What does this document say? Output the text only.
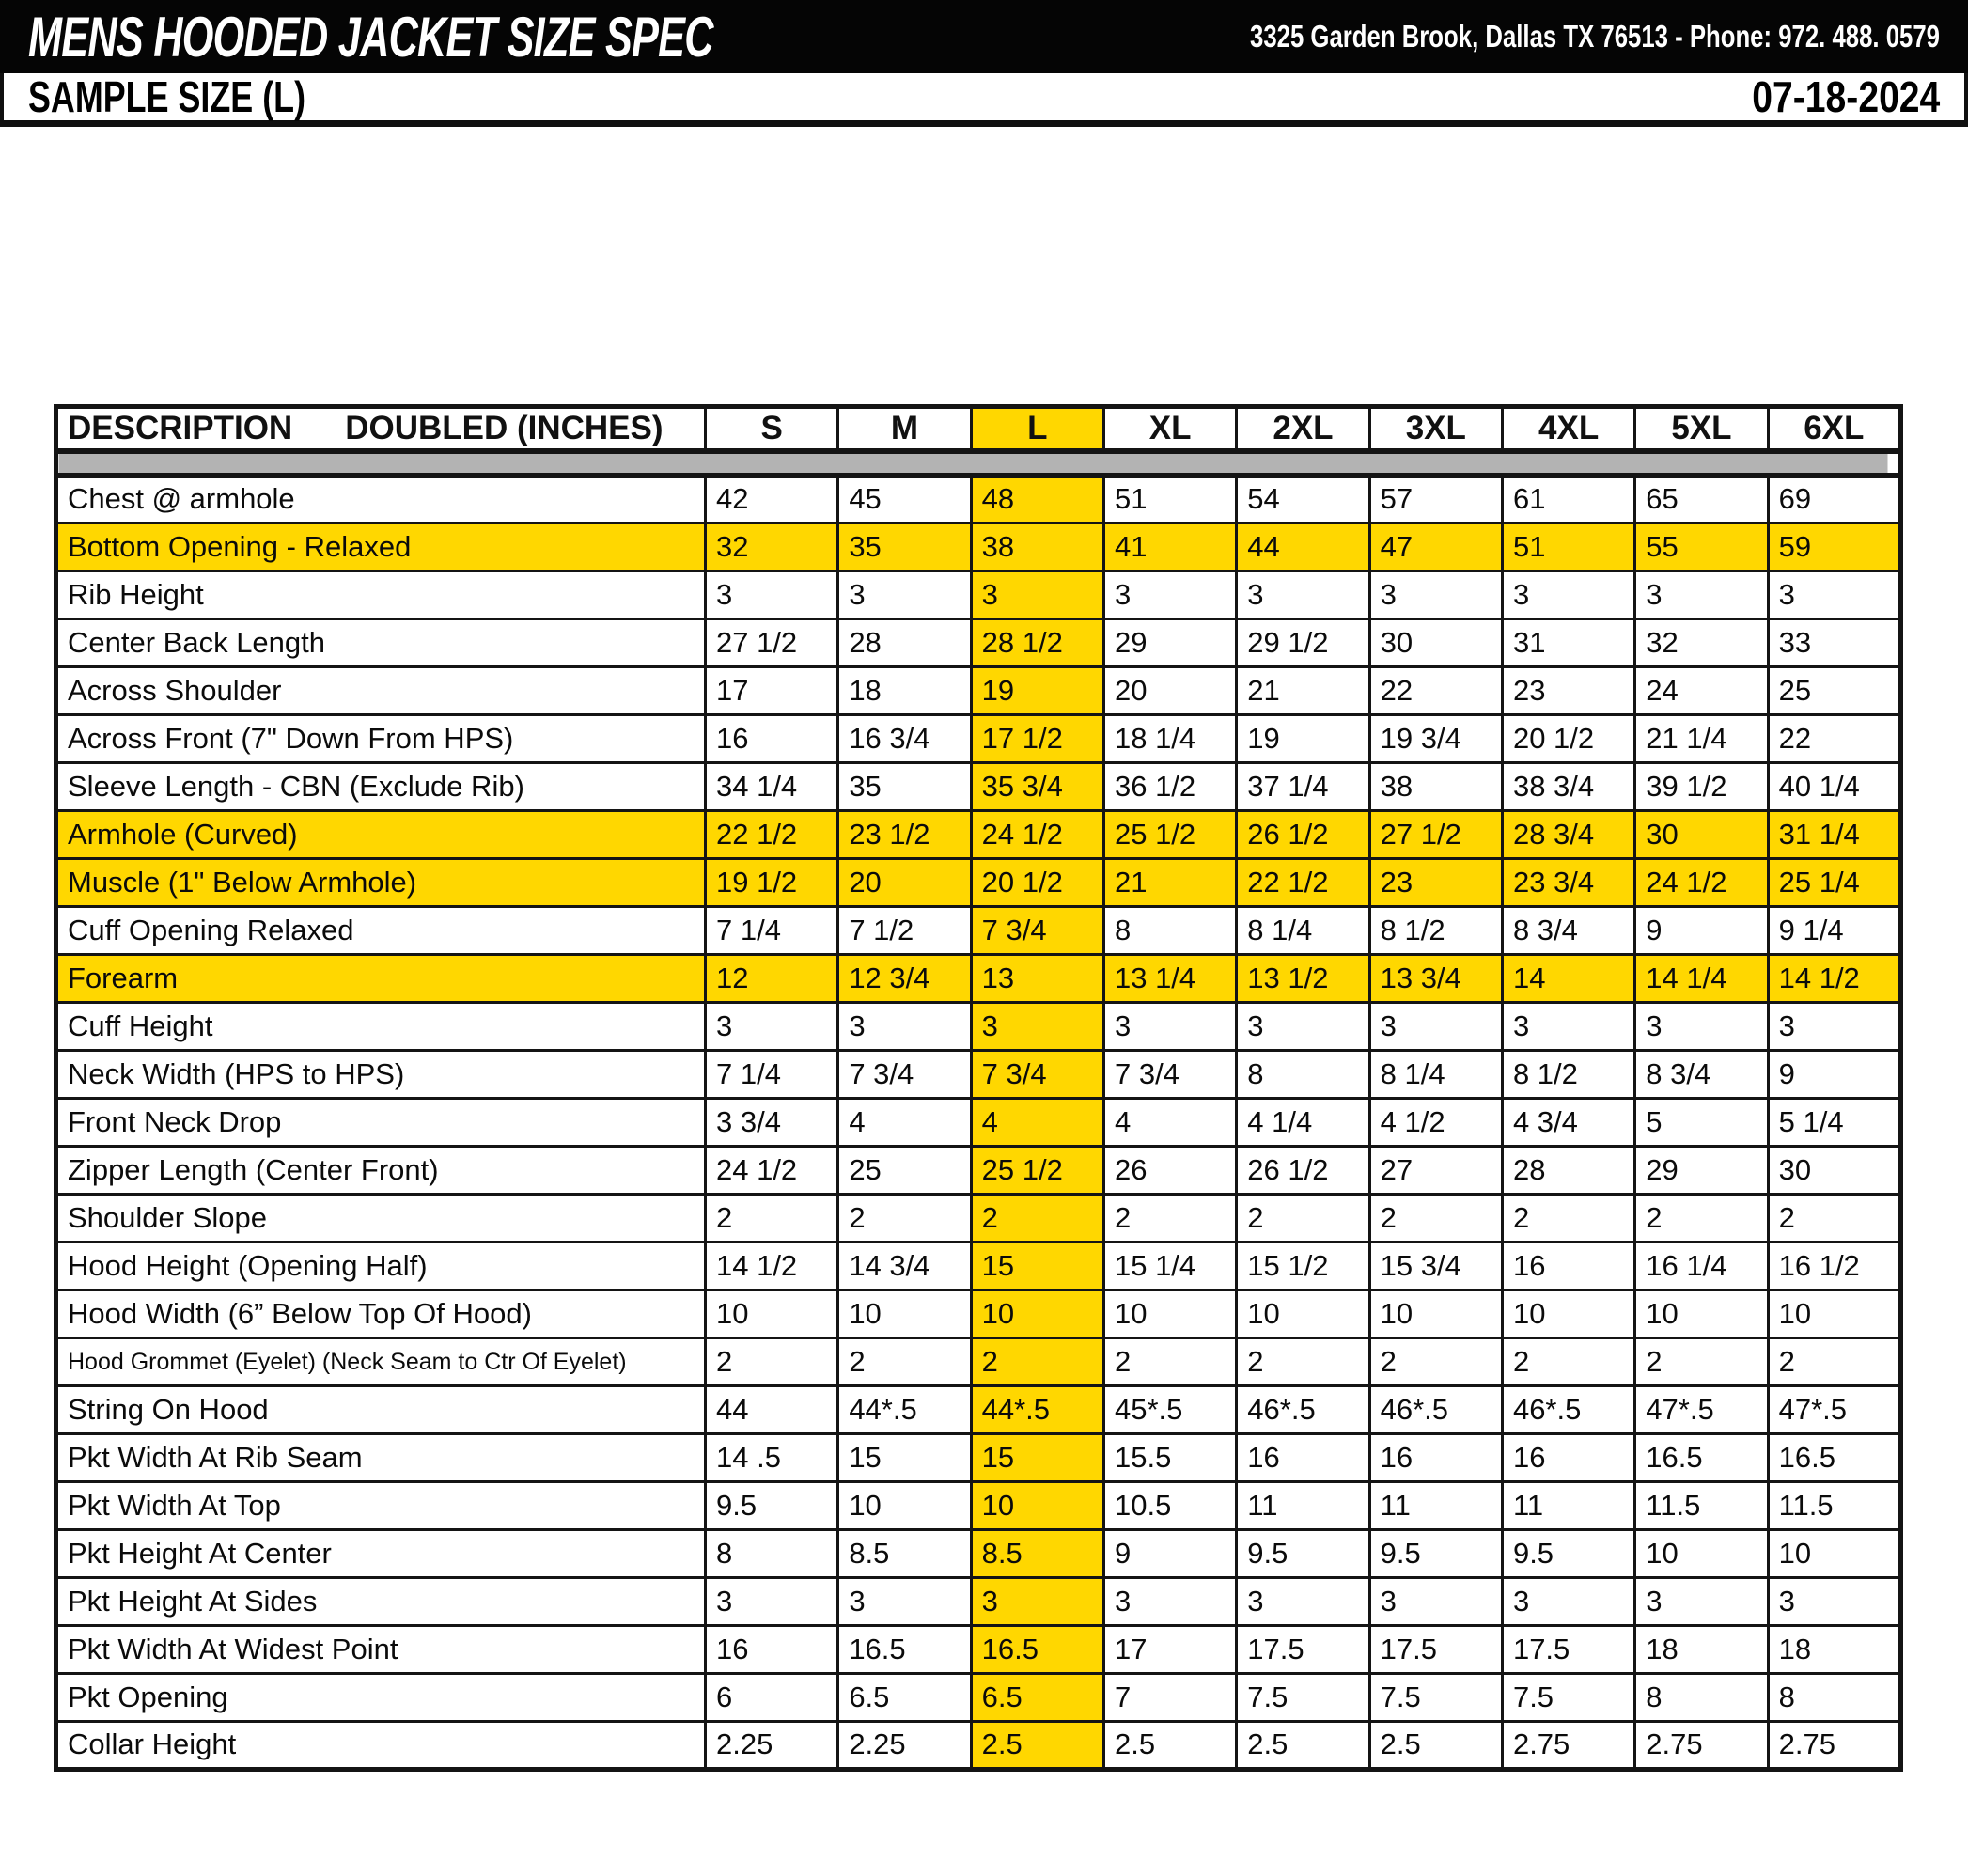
MENS HOODED JACKET SIZE SPEC	3325 Garden Brook, Dallas TX 76513 - Phone: 972. 488. 0579
SAMPLE SIZE (L)	07-18-2024
DESCRIPTION DOUBLED (INCHES)	S	M	L	XL	2XL	3XL	4XL	5XL	6XL

Chest @ armhole	42	45	48	51	54	57	61	65	69
Bottom Opening - Relaxed	32	35	38	41	44	47	51	55	59
Rib Height	3	3	3	3	3	3	3	3	3
Center Back Length	27 1/2	28	28 1/2	29	29 1/2	30	31	32	33
Across Shoulder	17	18	19	20	21	22	23	24	25
Across Front (7" Down From HPS)	16	16 3/4	17 1/2	18 1/4	19	19 3/4	20 1/2	21 1/4	22
Sleeve Length - CBN (Exclude Rib)	34 1/4	35	35 3/4	36 1/2	37 1/4	38	38 3/4	39 1/2	40 1/4
Armhole (Curved)	22 1/2	23 1/2	24 1/2	25 1/2	26 1/2	27 1/2	28 3/4	30	31 1/4
Muscle (1" Below Armhole)	19 1/2	20	20 1/2	21	22 1/2	23	23 3/4	24 1/2	25 1/4
Cuff Opening Relaxed	7 1/4	7 1/2	7 3/4	8	8 1/4	8 1/2	8 3/4	9	9 1/4
Forearm	12	12 3/4	13	13 1/4	13 1/2	13 3/4	14	14 1/4	14 1/2
Cuff Height	3	3	3	3	3	3	3	3	3
Neck Width (HPS to HPS)	7 1/4	7 3/4	7 3/4	7 3/4	8	8 1/4	8 1/2	8 3/4	9
Front Neck Drop	3 3/4	4	4	4	4 1/4	4 1/2	4 3/4	5	5 1/4
Zipper Length (Center Front)	24 1/2	25	25 1/2	26	26 1/2	27	28	29	30
Shoulder Slope	2	2	2	2	2	2	2	2	2
Hood Height (Opening Half)	14 1/2	14 3/4	15	15 1/4	15 1/2	15 3/4	16	16 1/4	16 1/2
Hood Width (6” Below Top Of Hood)	10	10	10	10	10	10	10	10	10
Hood Grommet (Eyelet) (Neck Seam to Ctr Of Eyelet)	2	2	2	2	2	2	2	2	2
String On Hood	44	44*.5	44*.5	45*.5	46*.5	46*.5	46*.5	47*.5	47*.5
Pkt Width At Rib Seam	14 .5	15	15	15.5	16	16	16	16.5	16.5
Pkt Width At Top	9.5	10	10	10.5	11	11	11	11.5	11.5
Pkt Height At Center	8	8.5	8.5	9	9.5	9.5	9.5	10	10
Pkt Height At Sides	3	3	3	3	3	3	3	3	3
Pkt Width At Widest Point	16	16.5	16.5	17	17.5	17.5	17.5	18	18
Pkt Opening	6	6.5	6.5	7	7.5	7.5	7.5	8	8
Collar Height	2.25	2.25	2.5	2.5	2.5	2.5	2.75	2.75	2.75
